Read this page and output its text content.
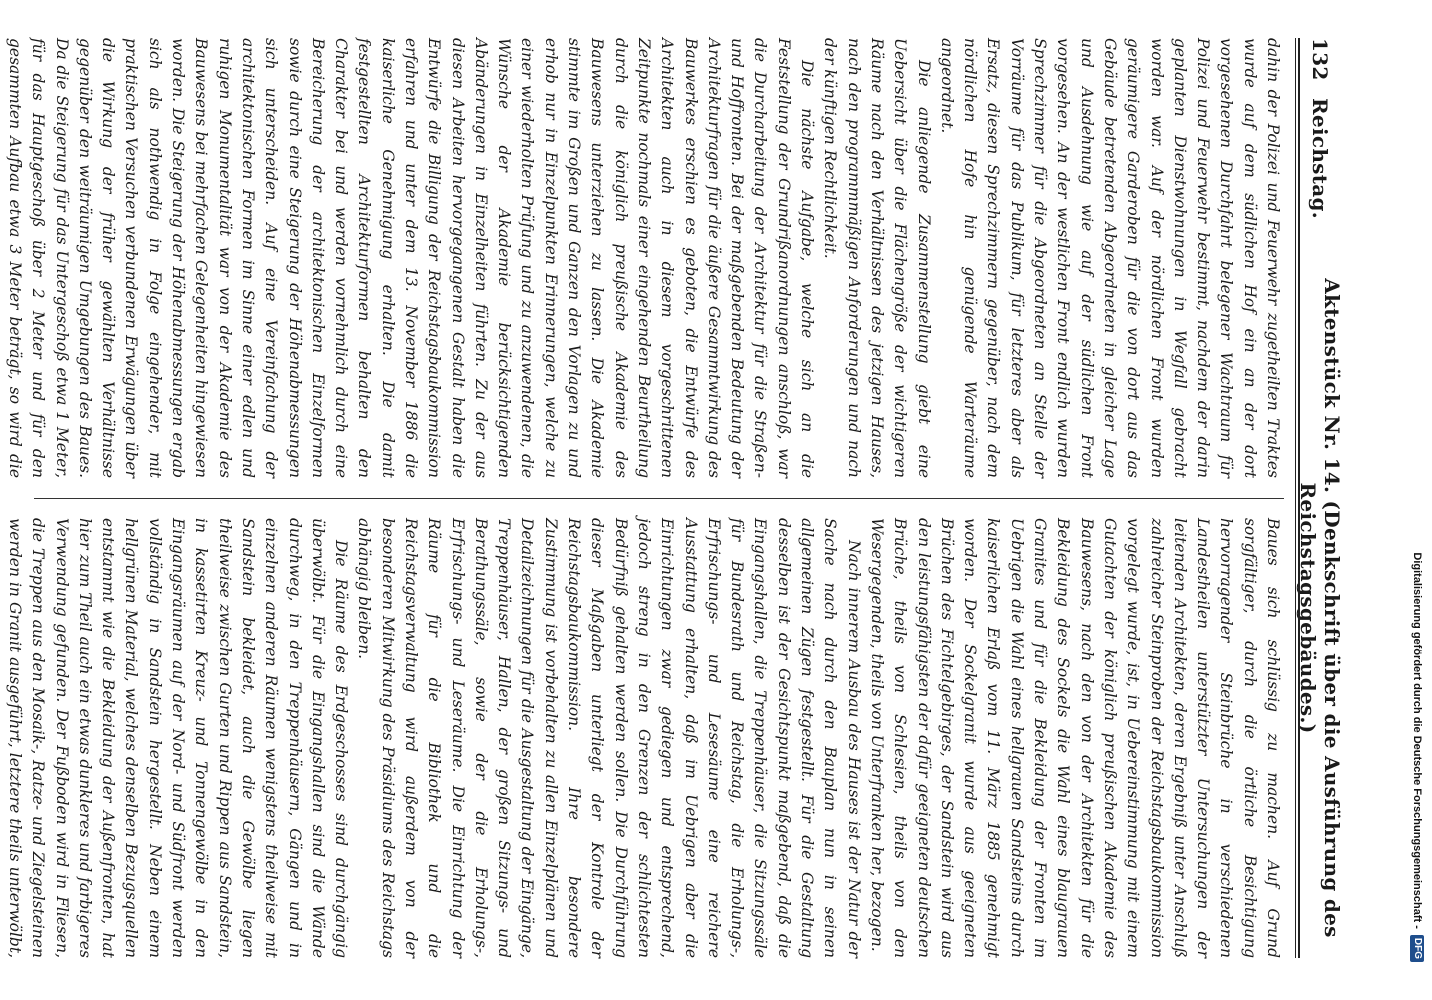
132
Reichstag.
Aktenstück Nr. 14. (Denkschrift über die Ausführung des Reichstagsgebäudes.)

dahin der Polizei und Feuerwehr zugetheilten Traktes wurde auf dem südlichen Hof ein an der dort vorgesehenen Durchfahrt belegener Wachtraum für Polizei und Feuerwehr bestimmt, nachdem der darin geplanten Dienstwohnungen in Wegfall gebracht worden war. Auf der nördlichen Front wurden geräumigere Garderoben für die von dort aus das Gebäude betretenden Abgeordneten in gleicher Lage und Ausdehnung wie auf der südlichen Front vorgesehen. An der westlichen Front endlich wurden Sprechzimmer für die Abgeordneten an Stelle der Vorräume für das Publikum, für letzteres aber als Ersatz, diesen Sprechzimmern gegenüber, nach dem nördlichen Hofe hin genügende Warteräume angeordnet.

Die anliegende Zusammenstellung giebt eine Uebersicht über die Flächengröße der wichtigeren Räume nach den Verhältnissen des jetzigen Hauses, nach den programmmäßigen Anforderungen und nach der künftigen Rechtlichkeit.

Die nächste Aufgabe, welche sich an die Feststellung der Grundrißanordnungen anschloß, war die Durcharbeitung der Architektur für die Straßen- und Hoffronten. Bei der maßgebenden Bedeutung der Architekturfragen für die äußere Gesammtwirkung des Bauwerkes erschien es geboten, die Entwürfe des Architekten auch in diesem vorgeschrittenen Zeitpunkte nochmals einer eingehenden Beurtheilung durch die königlich preußische Akademie des Bauwesens unterziehen zu lassen. Die Akademie stimmte im Großen und Ganzen den Vorlagen zu und erhob nur in Einzelpunkten Erinnerungen, welche zu einer wiederholten Prüfung und zu anzuwendenen, die Wünsche der Akademie berücksichtigenden Abänderungen in Einzelheiten führten. Zu der aus diesen Arbeiten hervorgegangenen Gestalt haben die Entwürfe die Billigung der Reichstagsbaukommission erfahren und unter dem 13. November 1886 die kaiserliche Genehmigung erhalten. Die damit festgestellten Architekturformen behalten den Charakter bei und werden vornehmlich durch eine Bereicherung der architektonischen Einzelformen sowie durch eine Steigerung der Höhenabmessungen sich unterscheiden. Auf eine Vereinfachung der architektonischen Formen im Sinne einer edlen und ruhigen Monumentalität war von der Akademie des Bauwesens bei mehrfachen Gelegenheiten hingewiesen worden. Die Steigerung der Höhenabmessungen ergab sich als nothwendig in Folge eingehender, mit praktischen Versuchen verbundenen Erwägungen über die Wirkung der früher gewählten Verhältnisse gegenüber den weiträumigen Umgebungen des Baues. Da die Steigerung für das Untergeschoß etwa 1 Meter, für das Hauptgeschoß über 2 Meter und für den gesammten Aufbau etwa 3 Meter beträgt, so wird die

Baues sich schlüssig zu machen. Auf Grund sorgfältiger, durch die örtliche Besichtigung hervorragender Steinbrüche in verschiedenen Landestheilen unterstützter Untersuchungen der leitenden Architekten, deren Ergebniß unter Anschluß zahlreicher Steinproben der Reichstagsbaukommission vorgelegt wurde, ist, in Uebereinstimmung mit einem Gutachten der königlich preußischen Akademie des Bauwesens, nach den von der Architekten für die Bekleidung des Sockels die Wahl eines blaugrauen Granites und für die Bekleidung der Fronten im Uebrigen die Wahl eines hellgrauen Sandsteins durch kaiserlichen Erlaß vom 11. März 1885 genehmigt worden. Der Sockelgranit wurde aus geeigneten Brüchen des Fichtelgebirges, der Sandstein wird aus den leistungsfähigsten der dafür geeigneten deutschen Brüche, theils von Schlesien, theils von den Wesergegenden, theils von Unterfranken her, bezogen.

Nach innerem Ausbau des Hauses ist der Natur der Sache nach durch den Bauplan nun in seinen allgemeinen Zügen festgestellt. Für die Gestaltung desselben ist der Gesichtspunkt maßgebend, daß die Eingangshallen, die Treppenhäuser, die Sitzungssäle für Bundesrath und Reichstag, die Erholungs-, Erfrischungs- und Lesesäume eine reichere Ausstattung erhalten, daß im Uebrigen aber die Einrichtungen zwar gediegen und entsprechend, jedoch streng in den Grenzen der schlichtesten Bedürfniß gehalten werden sollen. Die Durchführung dieser Maßgaben unterliegt der Kontrole der Reichstagsbaukommission. Ihre besondere Zustimmung ist vorbehalten zu allen Einzelplänen und Detailzeichnungen für die Ausgestaltung der Eingänge, Treppenhäuser, Hallen, der großen Sitzungs- und Berathungssäle, sowie der die Erholungs-, Erfrischungs- und Leseräume. Die Einrichtung der Räume für die Bibliothek und die Reichstagsverwaltung wird außerdem von der besonderen Mitwirkung des Präsidiums des Reichstags abhängig bleiben.

Die Räume des Erdgeschosses sind durchgängig überwölbt. Für die Eingangshallen sind die Wände durchweg, in den Treppenhäusern, Gängen und in einzelnen anderen Räumen wenigstens theilweise mit Sandstein bekleidet, auch die Gewölbe liegen theilweise zwischen Gurten und Rippen aus Sandstein, in kassetirten Kreuz- und Tonnengewölbe in den Eingangsräumen auf der Nord- und Südfront werden vollständig in Sandstein hergestellt. Neben einem hellgrünen Material, welches denselben Bezugsquellen entstammt wie die Bekleidung der Außenfronten, hat hier zum Theil auch ein etwas dunkleres und farbigeres Verwendung gefunden. Der Fußboden wird in Fliesen, die Treppen aus den Mosaik-, Ratze- und Ziegelsteinen werden in Granit ausgeführt, letztere theils unterwölbt,	Digitalisierung gefördert durch die Deutsche Forschungsgemeinschaft -
DFG
